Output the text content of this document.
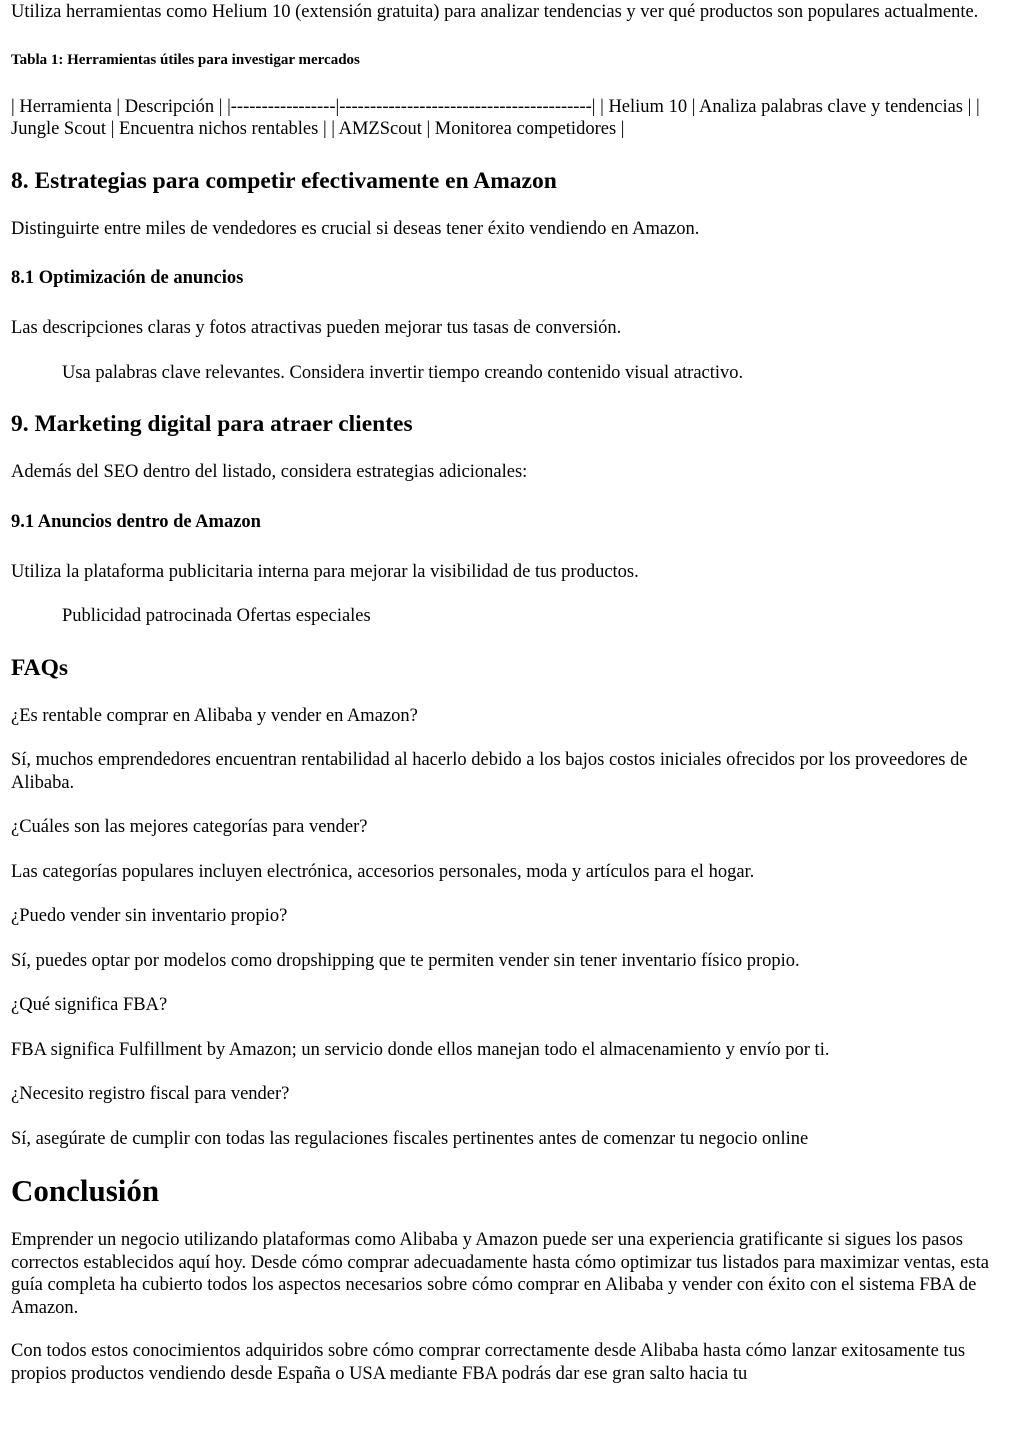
Utiliza herramientas como Helium 10 (extensión gratuita) para analizar tendencias y ver qué productos son populares actualmente.

Tabla 1: Herramientas útiles para investigar mercados

| Herramienta | Descripción | |-----------------|-----------------------------------------| | Helium 10 | Analiza palabras clave y tendencias | | Jungle Scout | Encuentra nichos rentables | | AMZScout | Monitorea competidores |

8. Estrategias para competir efectivamente en Amazon

Distinguirte entre miles de vendedores es crucial si deseas tener éxito vendiendo en Amazon.

8.1 Optimización de anuncios

Las descripciones claras y fotos atractivas pueden mejorar tus tasas de conversión.

Usa palabras clave relevantes. Considera invertir tiempo creando contenido visual atractivo.

9. Marketing digital para atraer clientes

Además del SEO dentro del listado, considera estrategias adicionales:

9.1 Anuncios dentro de Amazon

Utiliza la plataforma publicitaria interna para mejorar la visibilidad de tus productos.

Publicidad patrocinada Ofertas especiales

FAQs

¿Es rentable comprar en Alibaba y vender en Amazon?

Sí, muchos emprendedores encuentran rentabilidad al hacerlo debido a los bajos costos iniciales ofrecidos por los proveedores de Alibaba.

¿Cuáles son las mejores categorías para vender?

Las categorías populares incluyen electrónica, accesorios personales, moda y artículos para el hogar.

¿Puedo vender sin inventario propio?

Sí, puedes optar por modelos como dropshipping que te permiten vender sin tener inventario físico propio.

¿Qué significa FBA?

FBA significa Fulfillment by Amazon; un servicio donde ellos manejan todo el almacenamiento y envío por ti.

¿Necesito registro fiscal para vender?

Sí, asegúrate de cumplir con todas las regulaciones fiscales pertinentes antes de comenzar tu negocio online

Conclusión

Emprender un negocio utilizando plataformas como Alibaba y Amazon puede ser una experiencia gratificante si sigues los pasos correctos establecidos aquí hoy. Desde cómo comprar adecuadamente hasta cómo optimizar tus listados para maximizar ventas, esta guía completa ha cubierto todos los aspectos necesarios sobre cómo comprar en Alibaba y vender con éxito con el sistema FBA de Amazon.

Con todos estos conocimientos adquiridos sobre cómo comprar correctamente desde Alibaba hasta cómo lanzar exitosamente tus propios productos vendiendo desde España o USA mediante FBA podrás dar ese gran salto hacia tu
